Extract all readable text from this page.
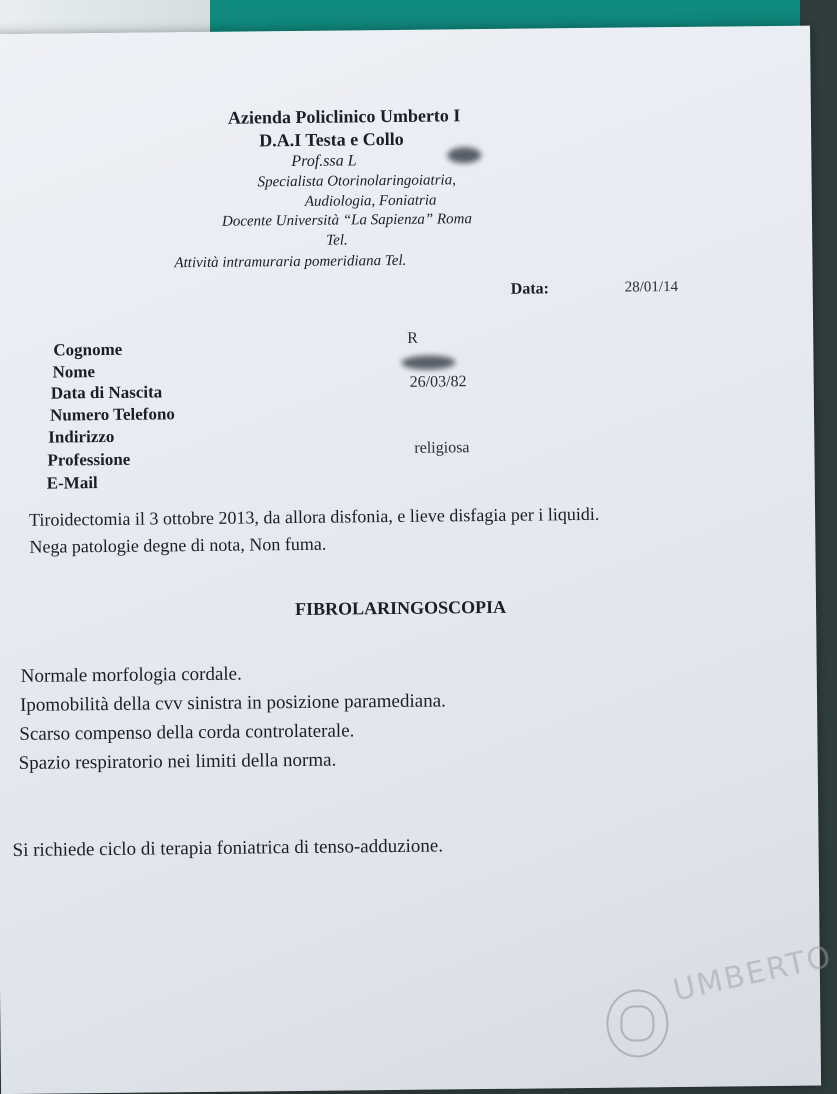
Azienda Policlinico Umberto I
D.A.I Testa e Collo
Prof.ssa L
Specialista Otorinolaringoiatria,
Audiologia, Foniatria
Docente Università “La Sapienza” Roma
Tel.
Attività intramuraria pomeridiana Tel.
Data:	28/01/14
Cognome
R
Nome
Data di Nascita
26/03/82
Numero Telefono
Indirizzo
Professione
religiosa
E-Mail
Tiroidectomia il 3 ottobre 2013, da allora disfonia, e lieve disfagia per i liquidi.
Nega patologie degne di nota, Non fuma.
FIBROLARINGOSCOPIA
Normale morfologia cordale.
Ipomobilità della cvv sinistra in posizione paramediana.
Scarso compenso della corda controlaterale.
Spazio respiratorio nei limiti della norma.
Si richiede ciclo di terapia foniatrica di tenso-adduzione.
UMBERTO
